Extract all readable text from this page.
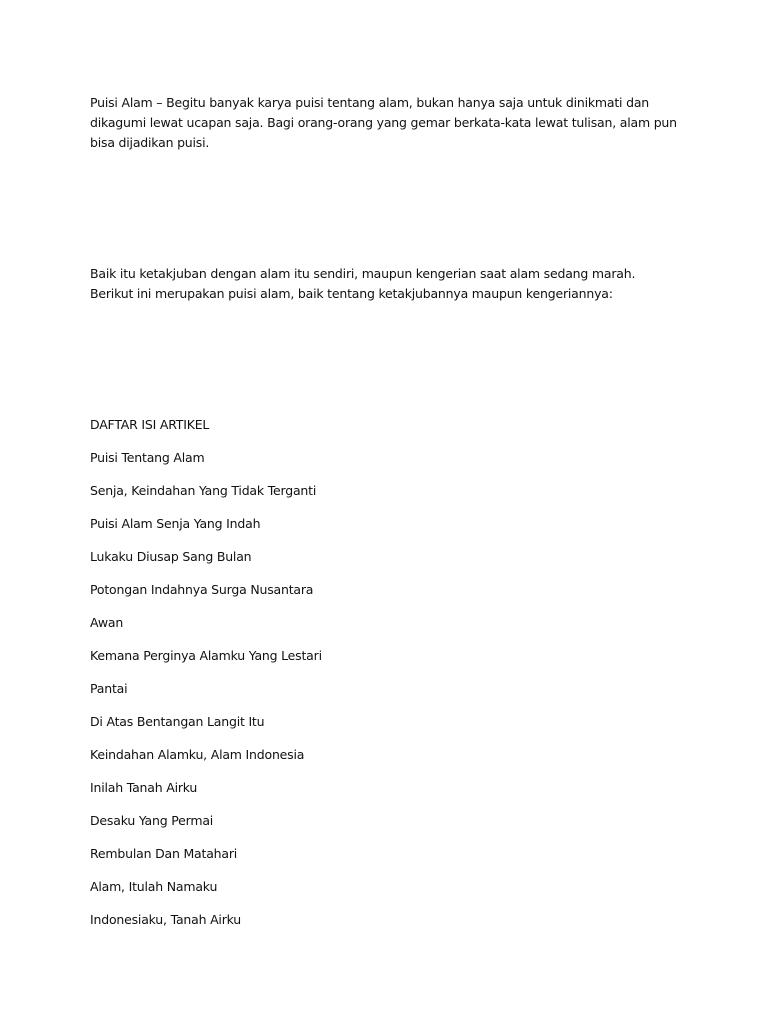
Puisi Alam – Begitu banyak karya puisi tentang alam, bukan hanya saja untuk dinikmati dan dikagumi lewat ucapan saja. Bagi orang-orang yang gemar berkata-kata lewat tulisan, alam pun bisa dijadikan puisi.

Baik itu ketakjuban dengan alam itu sendiri, maupun kengerian saat alam sedang marah. Berikut ini merupakan puisi alam, baik tentang ketakjubannya maupun kengeriannya:

DAFTAR ISI ARTIKEL
Puisi Tentang Alam
Senja, Keindahan Yang Tidak Terganti
Puisi Alam Senja Yang Indah
Lukaku Diusap Sang Bulan
Potongan Indahnya Surga Nusantara
Awan
Kemana Perginya Alamku Yang Lestari
Pantai
Di Atas Bentangan Langit Itu
Keindahan Alamku, Alam Indonesia
Inilah Tanah Airku
Desaku Yang Permai
Rembulan Dan Matahari
Alam, Itulah Namaku
Indonesiaku, Tanah Airku
